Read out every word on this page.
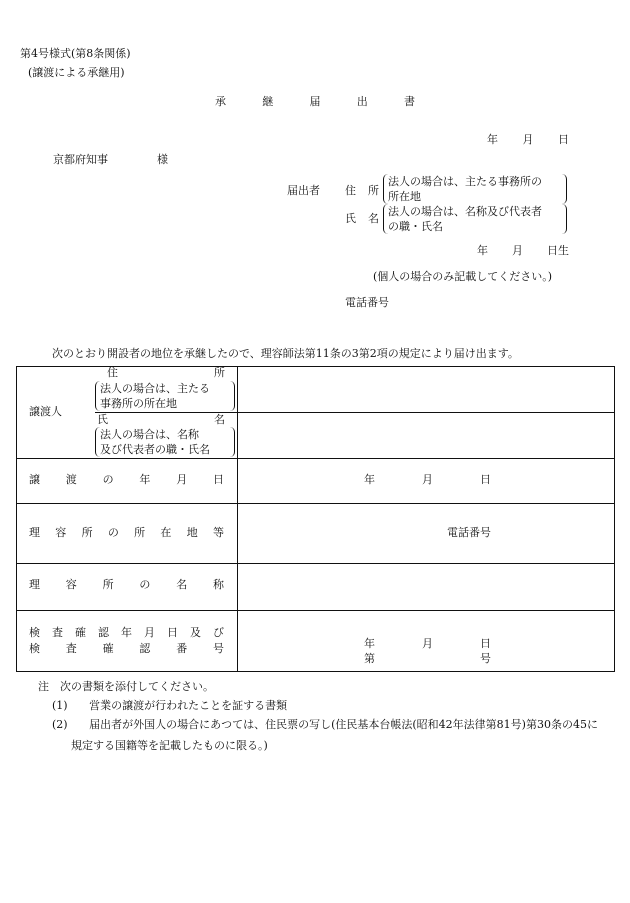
第4号様式(第8条関係)
(譲渡による承継用)
承	継	届	出	書
年 月 日
京都府知事	様
届出者 住 所
法人の場合は、主たる事務所の
所在地
氏 名
法人の場合は、名称及び代表者
の職・氏名
年 月 日生
(個人の場合のみ記載してください。)
電話番号
次のとおり開設者の地位を承継したので、理容師法第11条の3第2項の規定により届け出ます。
譲渡人
住	所
法人の場合は、主たる
事務所の所在地
氏	名
法人の場合は、名称
及び代表者の職・氏名
譲 渡 の 年 月 日	年	月	日
理 容 所 の 所 在 地 等	電話番号
理 容 所 の 名 称
検 査 確 認 年 月 日 及 び
検 査 確 認 番 号	年	月	日
第	号
注　次の書類を添付してください。
(1) 営業の譲渡が行われたことを証する書類
(2) 届出者が外国人の場合にあつては、住民票の写し(住民基本台帳法(昭和42年法律第81号)第30条の45に
規定する国籍等を記載したものに限る。)
